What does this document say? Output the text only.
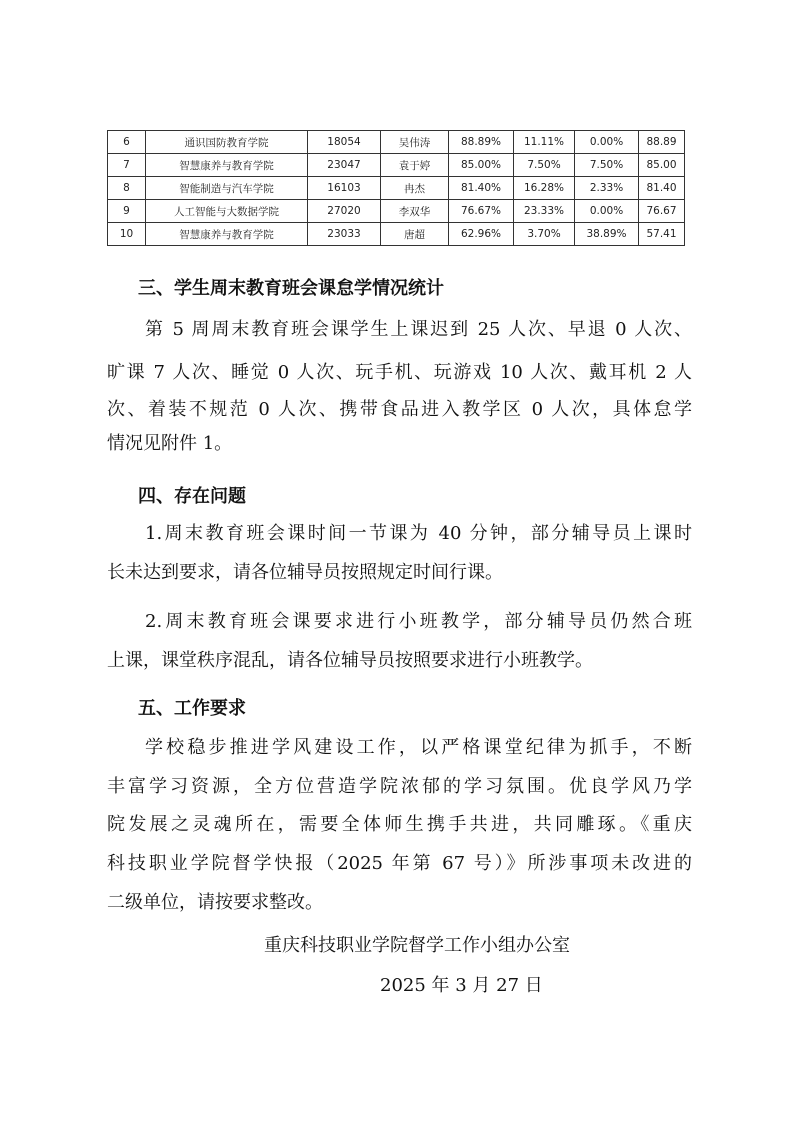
6	通识国防教育学院	18054	吴伟涛	88.89%	11.11%	0.00%	88.89
7	智慧康养与教育学院	23047	袁于婷	85.00%	7.50%	7.50%	85.00
8	智能制造与汽车学院	16103	冉杰	81.40%	16.28%	2.33%	81.40
9	人工智能与大数据学院	27020	李双华	76.67%	23.33%	0.00%	76.67
10	智慧康养与教育学院	23033	唐超	62.96%	3.70%	38.89%	57.41
三、学生周末教育班会课怠学情况统计
第 5 周周末教育班会课学生上课迟到 25 人次、早退 0 人次、
旷课 7 人次、睡觉 0 人次、玩手机、玩游戏 10 人次、戴耳机 2 人
次、着装不规范 0 人次、携带食品进入教学区 0 人次，具体怠学
情况见附件 1。
四、存在问题
1.周末教育班会课时间一节课为 40 分钟，部分辅导员上课时
长未达到要求，请各位辅导员按照规定时间行课。
2.周末教育班会课要求进行小班教学，部分辅导员仍然合班
上课，课堂秩序混乱，请各位辅导员按照要求进行小班教学。
五、工作要求
学校稳步推进学风建设工作，以严格课堂纪律为抓手，不断
丰富学习资源，全方位营造学院浓郁的学习氛围。优良学风乃学
院发展之灵魂所在，需要全体师生携手共进，共同雕琢。《重庆
科技职业学院督学快报（2025 年第 67 号）》所涉事项未改进的
二级单位，请按要求整改。
重庆科技职业学院督学工作小组办公室
2025 年 3 月 27 日
